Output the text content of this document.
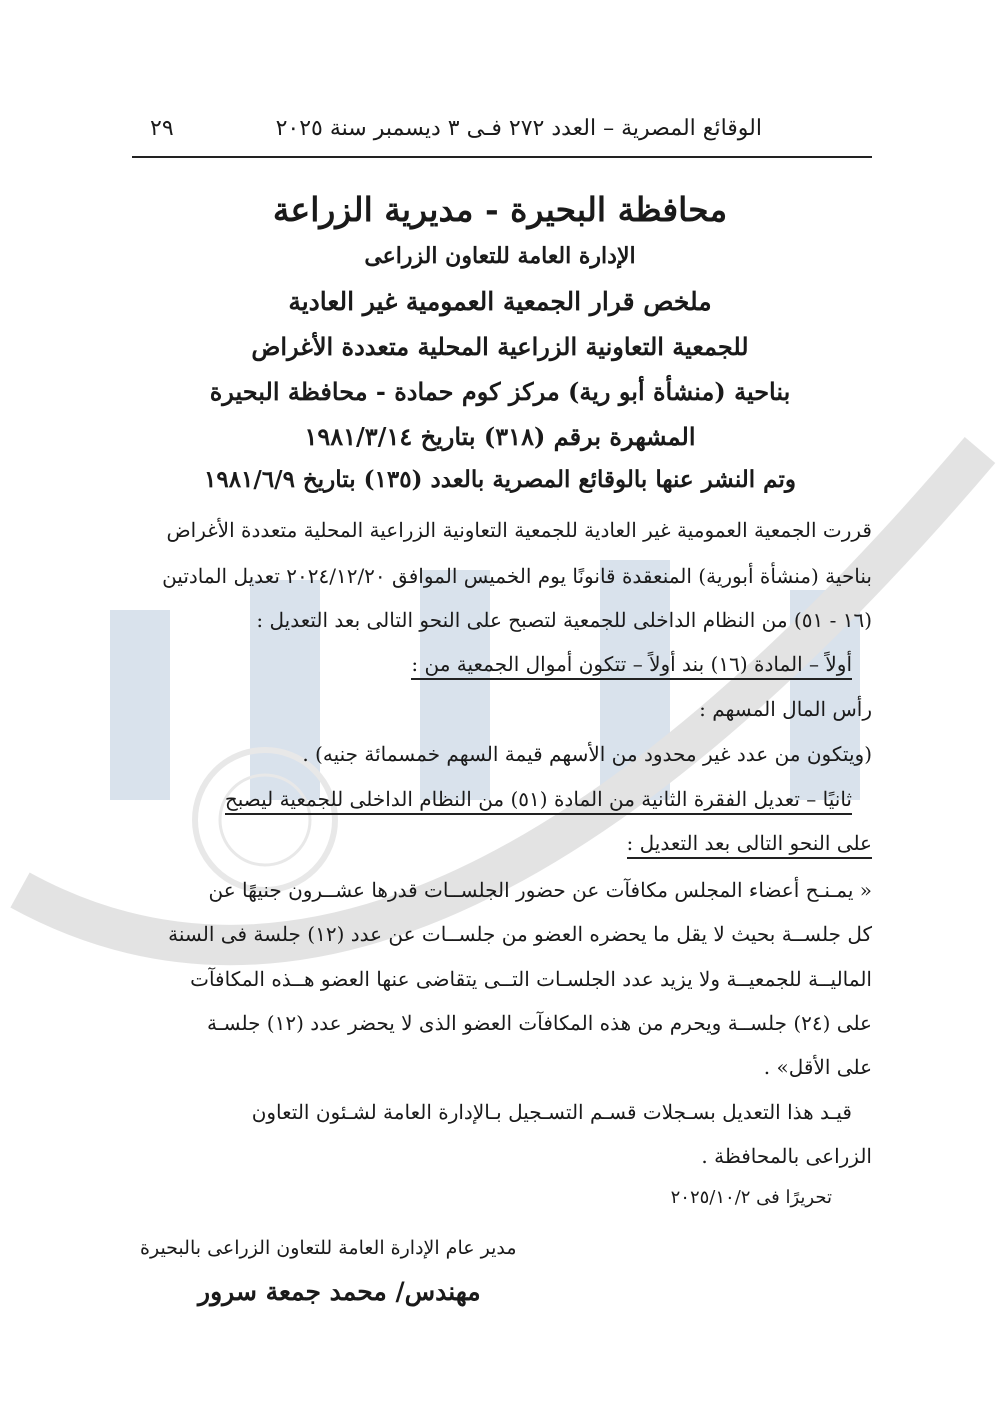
الوقائع المصرية – العدد ٢٧٢ فـى ٣ ديسمبر سنة ٢٠٢٥
٢٩
محافظة البحيرة - مديرية الزراعة
الإدارة العامة للتعاون الزراعى
ملخص قرار الجمعية العمومية غير العادية
للجمعية التعاونية الزراعية المحلية متعددة الأغراض
بناحية (منشأة أبو رية) مركز كوم حمادة - محافظة البحيرة
المشهرة برقم (٣١٨) بتاريخ ١٩٨١/٣/١٤
وتم النشر عنها بالوقائع المصرية بالعدد (١٣٥) بتاريخ ١٩٨١/٦/٩
قررت الجمعية العمومية غير العادية للجمعية التعاونية الزراعية المحلية متعددة الأغراض
بناحية (منشأة أبورية) المنعقدة قانونًا يوم الخميس الموافق ٢٠٢٤/١٢/٢٠ تعديل المادتين
(١٦ - ٥١) من النظام الداخلى للجمعية لتصبح على النحو التالى بعد التعديل :
أولاً – المادة (١٦) بند أولاً – تتكون أموال الجمعية من :
رأس المال المسهم :
(ويتكون من عدد غير محدود من الأسهم قيمة السهم خمسمائة جنيه) .
ثانيًا – تعديل الفقرة الثانية من المادة (٥١) من النظام الداخلى للجمعية ليصبح
على النحو التالى بعد التعديل :
« يمـنـح أعضاء المجلس مكافآت عن حضور الجلســات قدرها عشــرون جنيهًا عن
كل جلســة بحيث لا يقل ما يحضره العضو من جلســات عن عدد (١٢) جلسة فى السنة
الماليــة للجمعيــة ولا يزيد عدد الجلسـات التــى يتقاضى عنها العضو هــذه المكافآت
على (٢٤) جلســة ويحرم من هذه المكافآت العضو الذى لا يحضر عدد (١٢) جلسـة
على الأقل» .
قيـد هذا التعديل بسـجلات قسـم التسـجيل بـالإدارة العامة لشـئون التعاون
الزراعى بالمحافظة .
تحريرًا فى ٢٠٢٥/١٠/٢
مدير عام الإدارة العامة للتعاون الزراعى بالبحيرة
مهندس/ محمد جمعة سرور
